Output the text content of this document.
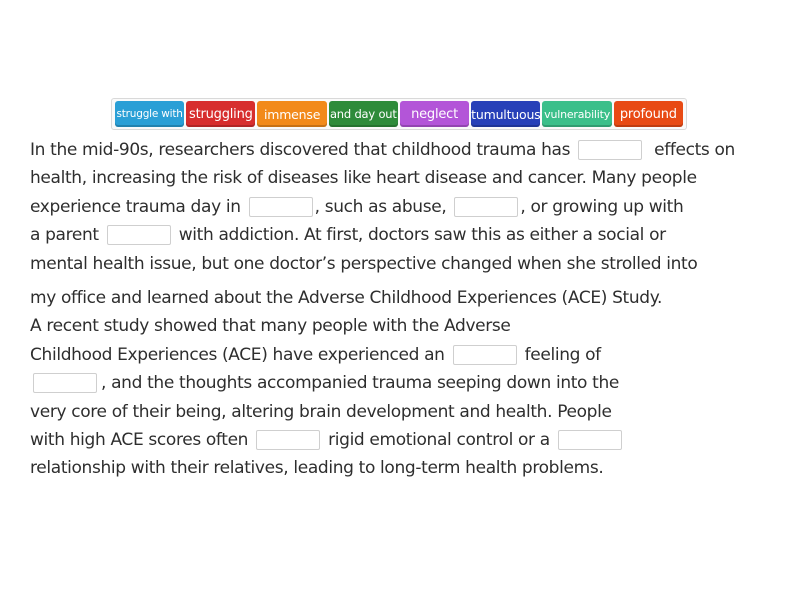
struggle with struggling immense and day out	neglect	tumultuous vulnerability profound
In the mid-90s, researchers discovered that childhood trauma has	effects on
health, increasing the risk of diseases like heart disease and cancer. Many people
experience trauma day in	, such as abuse,	, or growing up with
a parent	with addiction. At first, doctors saw this as either a social or
mental health issue, but one doctor’s perspective changed when she strolled into
my office and learned about the Adverse Childhood Experiences (ACE) Study.
A recent study showed that many people with the Adverse
Childhood Experiences (ACE) have experienced an	feeling of
, and the thoughts accompanied trauma seeping down into the
very core of their being, altering brain development and health. People
with high ACE scores often	rigid emotional control or a
relationship with their relatives, leading to long-term health problems.
